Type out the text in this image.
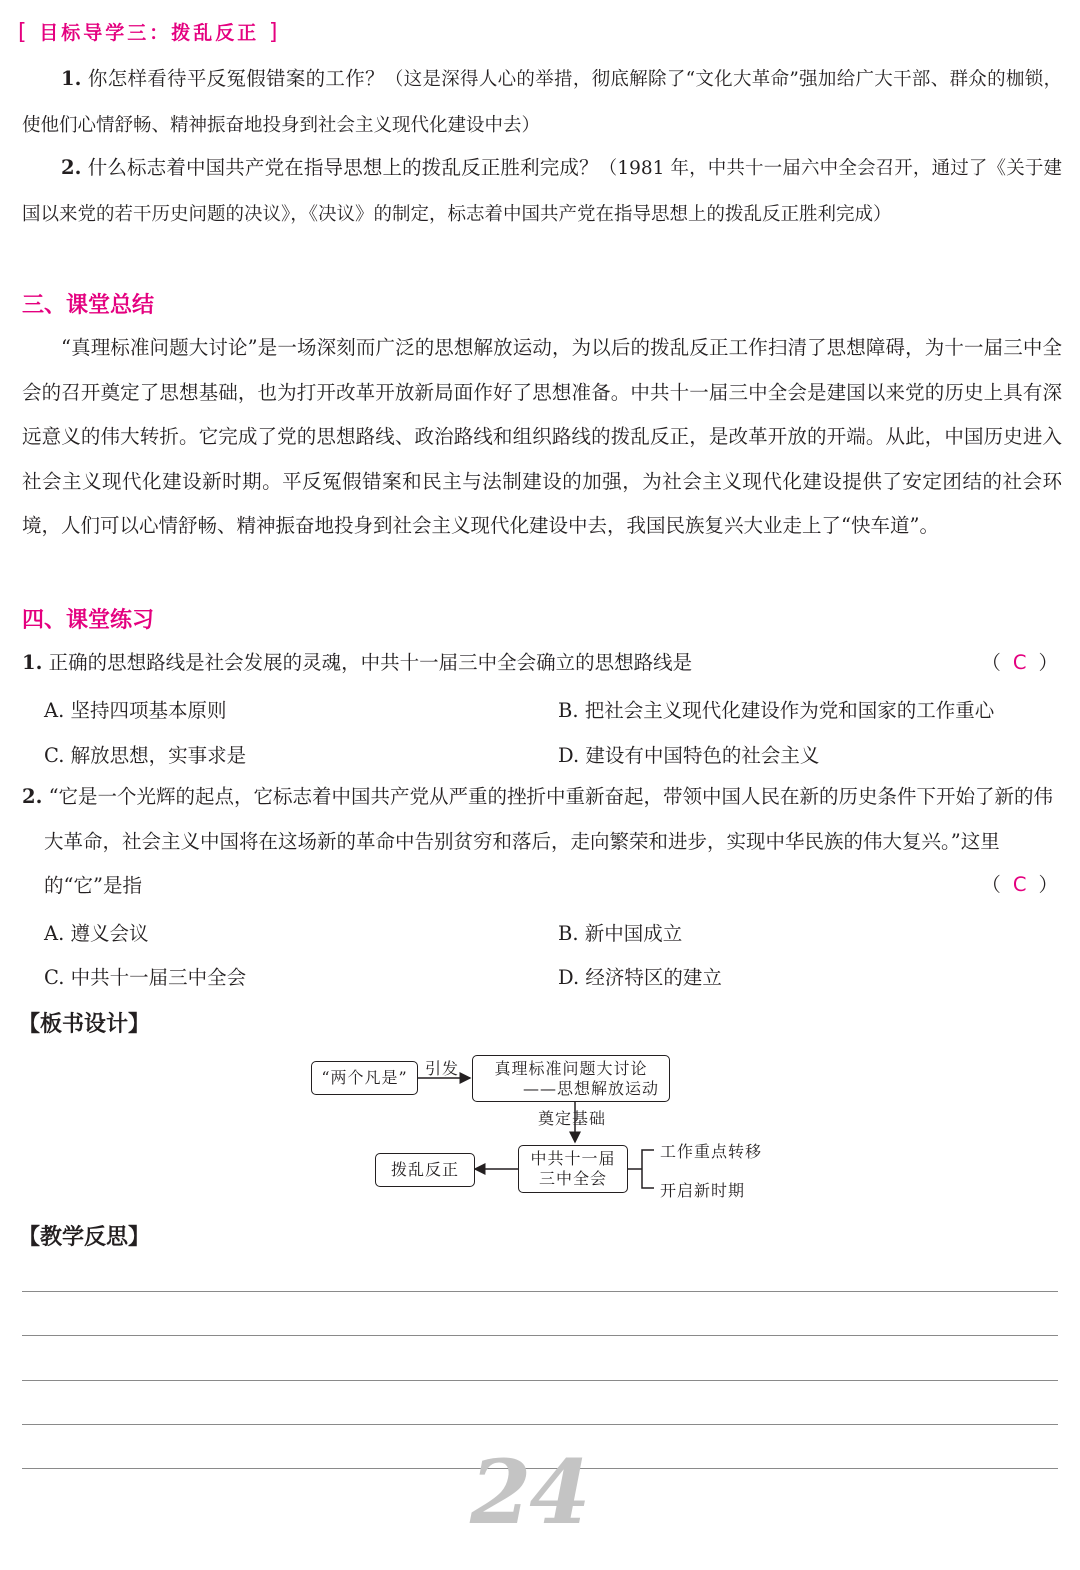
[ 目标导学三：拨乱反正 ]
1. 你怎样看待平反冤假错案的工作？（这是深得人心的举措，彻底解除了“文化大革命”强加给广大干部、群众的枷锁，使他们心情舒畅、精神振奋地投身到社会主义现代化建设中去）
2. 什么标志着中国共产党在指导思想上的拨乱反正胜利完成？（1981 年，中共十一届六中全会召开，通过了《关于建国以来党的若干历史问题的决议》，《决议》的制定，标志着中国共产党在指导思想上的拨乱反正胜利完成）
三、课堂总结
“真理标准问题大讨论”是一场深刻而广泛的思想解放运动，为以后的拨乱反正工作扫清了思想障碍，为十一届三中全会的召开奠定了思想基础，也为打开改革开放新局面作好了思想准备。中共十一届三中全会是建国以来党的历史上具有深远意义的伟大转折。它完成了党的思想路线、政治路线和组织路线的拨乱反正，是改革开放的开端。从此，中国历史进入社会主义现代化建设新时期。平反冤假错案和民主与法制建设的加强，为社会主义现代化建设提供了安定团结的社会环境，人们可以心情舒畅、精神振奋地投身到社会主义现代化建设中去，我国民族复兴大业走上了“快车道”。
四、课堂练习
1. 正确的思想路线是社会发展的灵魂，中共十一届三中全会确立的思想路线是	（ C ）
A. 坚持四项基本原则	B. 把社会主义现代化建设作为党和国家的工作重心
C. 解放思想，实事求是	D. 建设有中国特色的社会主义
2. “它是一个光辉的起点，它标志着中国共产党从严重的挫折中重新奋起，带领中国人民在新的历史条件下开始了新的伟大革命，社会主义中国将在这场新的革命中告别贫穷和落后，走向繁荣和进步，实现中华民族的伟大复兴。”这里的“它”是指	（ C ）
A. 遵义会议	B. 新中国成立
C. 中共十一届三中全会	D. 经济特区的建立
【板书设计】
“两个凡是”	引发	真理标准问题大讨论
——思想解放运动
奠定基础
中共十一届
三中全会
拨乱反正
工作重点转移
开启新时期
【教学反思】
24
